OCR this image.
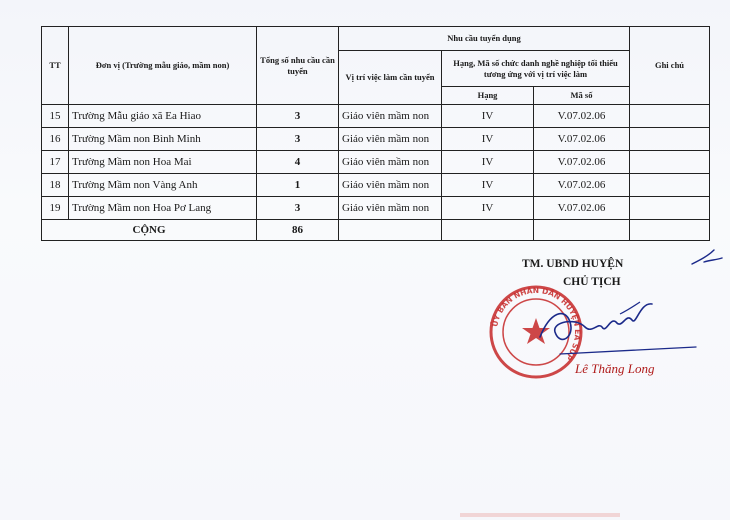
TT	Đơn vị (Trường mẫu giáo, mầm non)	Tổng số nhu cầu cần tuyển	Nhu cầu tuyển dụng			Ghi chú
			Vị trí việc làm cần tuyển	Hạng, Mã số chức danh nghề nghiệp tối thiểu tương ứng với vị trí việc làm		
				Hạng	Mã số	
15	Trường Mẫu giáo xã Ea Hiao	3	Giáo viên mầm non	IV	V.07.02.06	
16	Trường Mầm non Bình Minh	3	Giáo viên mầm non	IV	V.07.02.06	
17	Trường Mầm non Hoa Mai	4	Giáo viên mầm non	IV	V.07.02.06	
18	Trường Mầm non Vàng Anh	1	Giáo viên mầm non	IV	V.07.02.06	
19	Trường Mầm non Hoa Pơ Lang	3	Giáo viên mầm non	IV	V.07.02.06	
CỘNG		86				
TM. UBND HUYỆN
CHỦ TỊCH
ỦY BAN NHÂN DÂN HUYỆN EA SÚP
Lê Thăng Long
